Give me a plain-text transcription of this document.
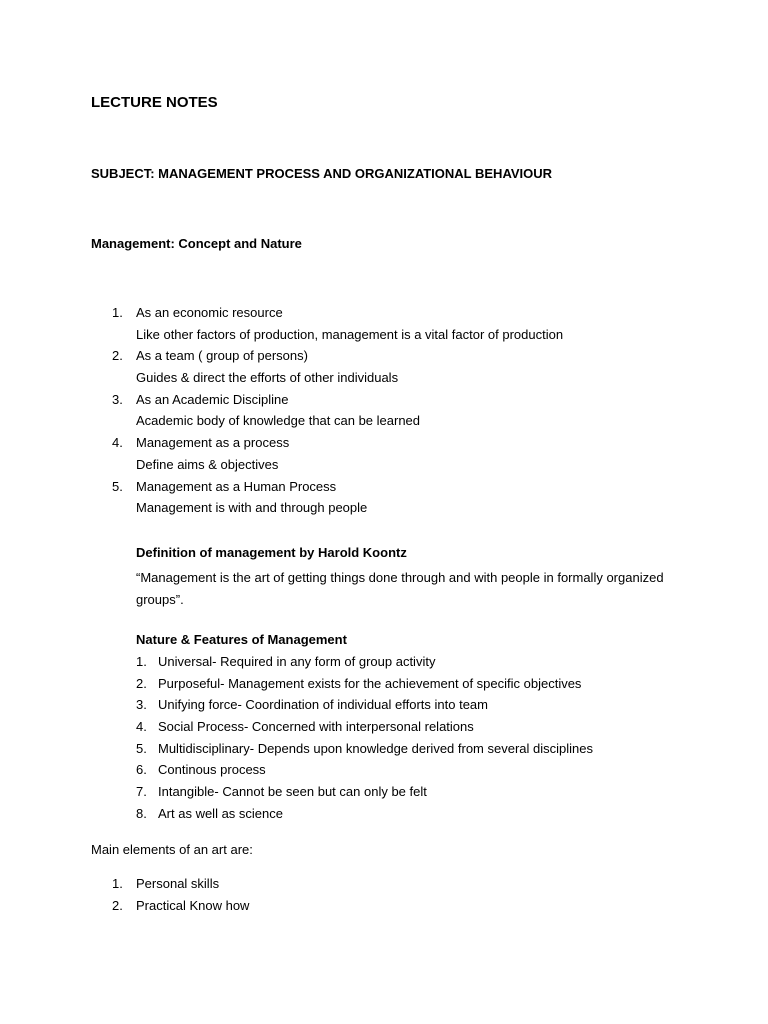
LECTURE NOTES
SUBJECT: MANAGEMENT PROCESS AND ORGANIZATIONAL BEHAVIOUR
Management: Concept and Nature
1.	As an economic resource
Like other factors of production, management is a vital factor of production
2.	As a team ( group of persons)
Guides & direct the efforts of other individuals
3.	As an Academic Discipline
Academic body of knowledge that can be learned
4.	Management as a process
Define aims & objectives
5.	Management as a Human Process
Management is with and through people
Definition of management by Harold Koontz
“Management is the art of getting things done through and with people in formally organized groups”.
Nature & Features of Management
1. Universal- Required in any form of group activity
2. Purposeful- Management exists for the achievement of specific objectives
3. Unifying force- Coordination of individual efforts into team
4. Social Process- Concerned with interpersonal relations
5. Multidisciplinary- Depends upon knowledge derived from several disciplines
6. Continous process
7. Intangible- Cannot be seen but can only be felt
8. Art as well as science
Main elements of an art are:
1.	Personal skills
2.	Practical Know how
